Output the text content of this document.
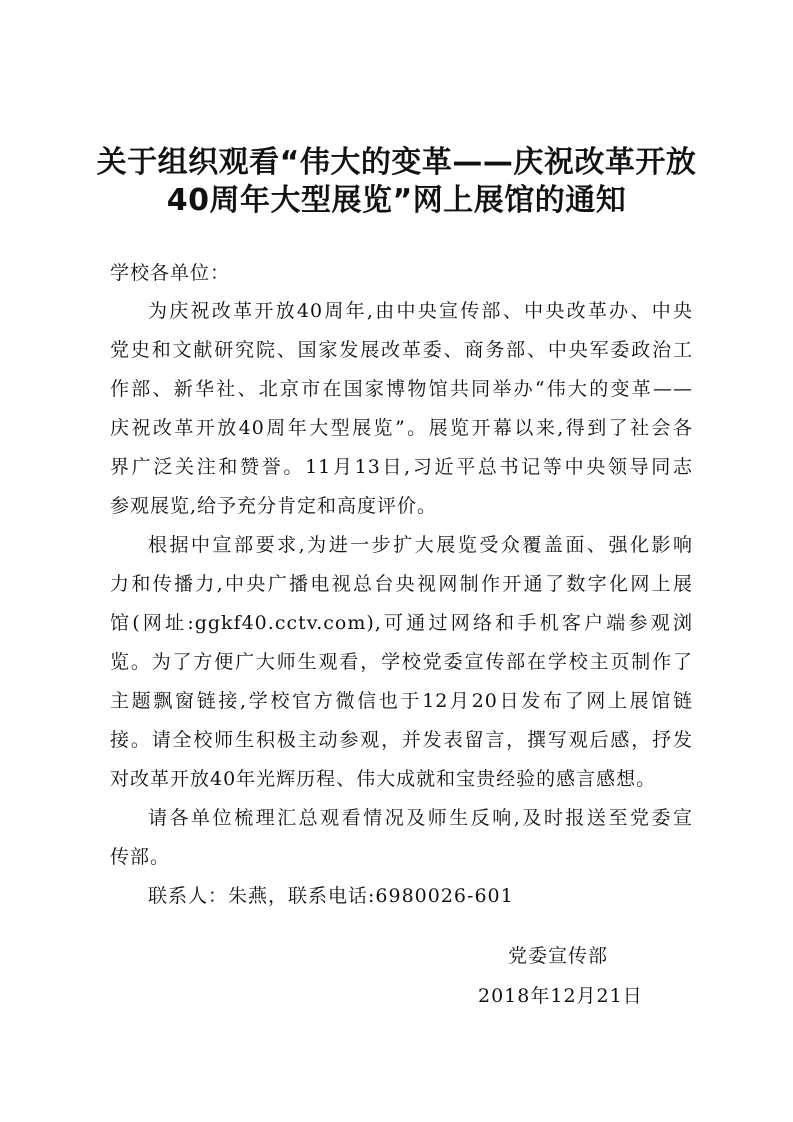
关于组织观看“伟大的变革——庆祝改革开放
40周年大型展览”网上展馆的通知
学校各单位：
为庆祝改革开放40周年,由中央宣传部、中央改革办、中央
党史和文献研究院、国家发展改革委、商务部、中央军委政治工
作部、新华社、北京市在国家博物馆共同举办“伟大的变革——
庆祝改革开放40周年大型展览”。展览开幕以来,得到了社会各
界广泛关注和赞誉。11月13日,习近平总书记等中央领导同志
参观展览,给予充分肯定和高度评价。
根据中宣部要求,为进一步扩大展览受众覆盖面、强化影响
力和传播力,中央广播电视总台央视网制作开通了数字化网上展
馆(网址:ggkf40.cctv.com),可通过网络和手机客户端参观浏
览。为了方便广大师生观看，学校党委宣传部在学校主页制作了
主题飘窗链接,学校官方微信也于12月20日发布了网上展馆链
接。请全校师生积极主动参观，并发表留言，撰写观后感，抒发
对改革开放40年光辉历程、伟大成就和宝贵经验的感言感想。
请各单位梳理汇总观看情况及师生反响,及时报送至党委宣
传部。
联系人：朱燕，联系电话:6980026-601
党委宣传部
2018年12月21日
